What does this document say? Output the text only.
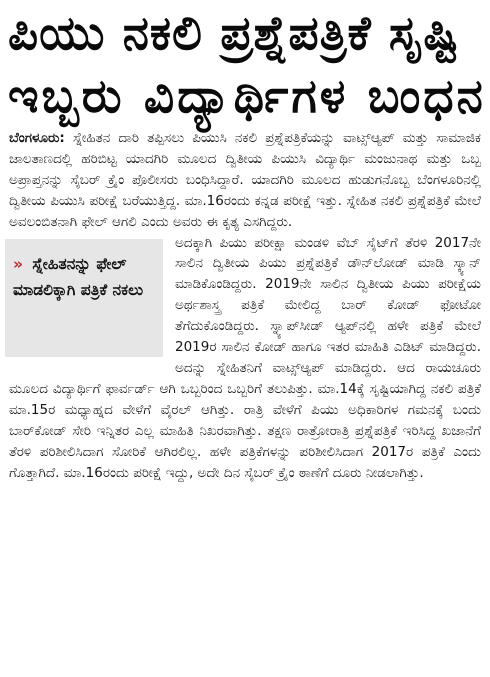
ಪಿಯು ನಕಲಿ ಪ್ರಶ್ನೆಪತ್ರಿಕೆ ಸೃಷ್ಟಿ
ಇಬ್ಬರು ವಿದ್ಯಾರ್ಥಿಗಳ ಬಂಧನ

ಬೆಂಗಳೂರು: ಸ್ನೇಹಿತನ ದಾರಿ ತಪ್ಪಿಸಲು ಪಿಯುಸಿ ನಕಲಿ ಪ್ರಶ್ನೆಪತ್ರಿಕೆಯನ್ನು ವಾಟ್ಸ್ಆ್ಯಪ್ ಮತ್ತು ಸಾಮಾಜಿಕ ಜಾಲತಾಣದಲ್ಲಿ ಹರಿಬಿಟ್ಟ ಯಾದಗಿರಿ ಮೂಲದ ದ್ವಿತೀಯ ಪಿಯುಸಿ ವಿದ್ಯಾರ್ಥಿ ಮಂಜುನಾಥ ಮತ್ತು ಒಬ್ಬ ಅಪ್ರಾಪ್ತನನ್ನು ಸೈಬರ್ ಕ್ರೈಂ ಪೊಲೀಸರು ಬಂಧಿಸಿದ್ದಾರೆ. ಯಾದಗಿರಿ ಮೂಲದ ಹುಡುಗನೊಬ್ಬ ಬೆಂಗಳೂರಿನಲ್ಲಿ ದ್ವಿತೀಯ ಪಿಯುಸಿ ಪರೀಕ್ಷೆ ಬರೆಯುತ್ತಿದ್ದ. ಮಾ.16ರಂದು ಕನ್ನಡ ಪರೀಕ್ಷೆ ಇತ್ತು. ಸ್ನೇಹಿತ ನಕಲಿ ಪ್ರಶ್ನೆಪತ್ರಿಕೆ ಮೇಲೆ ಅವಲಂಬಿತನಾಗಿ ಫೇಲ್ ಆಗಲಿ ಎಂದು ಅವರು ಈ ಕೃತ್ಯ ಎಸಗಿದ್ದರು.

» ಸ್ನೇಹಿತನನ್ನು ಫೇಲ್ ಮಾಡಲಿಕ್ಕಾಗಿ ಪತ್ರಿಕೆ ನಕಲು

ಅದಕ್ಕಾಗಿ ಪಿಯು ಪರೀಕ್ಷಾ ಮಂಡಳಿ ವೆಬ್ ಸೈಟ್‌ಗೆ ತೆರಳಿ 2017ನೇ ಸಾಲಿನ ದ್ವಿತೀಯ ಪಿಯು ಪ್ರಶ್ನೆಪತ್ರಿಕೆ ಡೌನ್‌ಲೋಡ್ ಮಾಡಿ ಸ್ಕ್ಯಾನ್ ಮಾಡಿಕೊಂಡಿದ್ದರು. 2019ನೇ ಸಾಲಿನ ದ್ವಿತೀಯ ಪಿಯು ಪರೀಕ್ಷೆಯ ಅರ್ಥಶಾಸ್ತ್ರ ಪತ್ರಿಕೆ ಮೇಲಿದ್ದ ಬಾರ್ ಕೋಡ್ ಫೋಟೋ ತೆಗೆದುಕೊಂಡಿದ್ದರು. ಸ್ನ್ಯಾಪ್‌ಸೀಡ್ ಆ್ಯಪ್‌ನಲ್ಲಿ ಹಳೇ ಪತ್ರಿಕೆ ಮೇಲೆ 2019ರ ಸಾಲಿನ ಕೋಡ್ ಹಾಗೂ ಇತರ ಮಾಹಿತಿ ಎಡಿಟ್ ಮಾಡಿದ್ದರು. ಅದನ್ನು ಸ್ನೇಹಿತನಿಗೆ ವಾಟ್ಸ್ಆ್ಯಪ್ ಮಾಡಿದ್ದರು. ಆದ ರಾಯಚೂರು ಮೂಲದ ವಿದ್ಯಾರ್ಥಿಗೆ ಫಾರ್ವರ್ಡ್ ಆಗಿ ಒಬ್ಬರಿಂದ ಒಬ್ಬರಿಗೆ ತಲುಪಿತ್ತು. ಮಾ.14ಕ್ಕೆ ಸೃಷ್ಟಿಯಾಗಿದ್ದ ನಕಲಿ ಪತ್ರಿಕೆ ಮಾ.15ರ ಮಧ್ಯಾಹ್ನದ ವೇಳೆಗೆ ವೈರಲ್ ಆಗಿತ್ತು. ರಾತ್ರಿ ವೇಳೆಗೆ ಪಿಯು ಅಧಿಕಾರಿಗಳ ಗಮನಕ್ಕೆ ಬಂದು ಬಾರ್‌ಕೋಡ್ ಸೇರಿ ಇನ್ನಿತರ ಎಲ್ಲ ಮಾಹಿತಿ ನಿಖರವಾಗಿತ್ತು. ತಕ್ಷಣ ರಾತ್ರೋರಾತ್ರಿ ಪ್ರಶ್ನೆಪತ್ರಿಕೆ ಇರಿಸಿದ್ದ ಖಜಾನೆಗೆ ತೆರಳಿ ಪರಿಶೀಲಿಸಿದಾಗ ಸೋರಿಕೆ ಆಗಿರಲಿಲ್ಲ. ಹಳೇ ಪತ್ರಿಕೆಗಳನ್ನು ಪರಿಶೀಲಿಸಿದಾಗ 2017ರ ಪತ್ರಿಕೆ ಎಂದು ಗೊತ್ತಾಗಿದೆ. ಮಾ.16ರಂದು ಪರೀಕ್ಷೆ ಇದ್ದು, ಅದೇ ದಿನ ಸೈಬರ್ ಕ್ರೈಂ ಠಾಣೆಗೆ ದೂರು ನೀಡಲಾಗಿತ್ತು.
